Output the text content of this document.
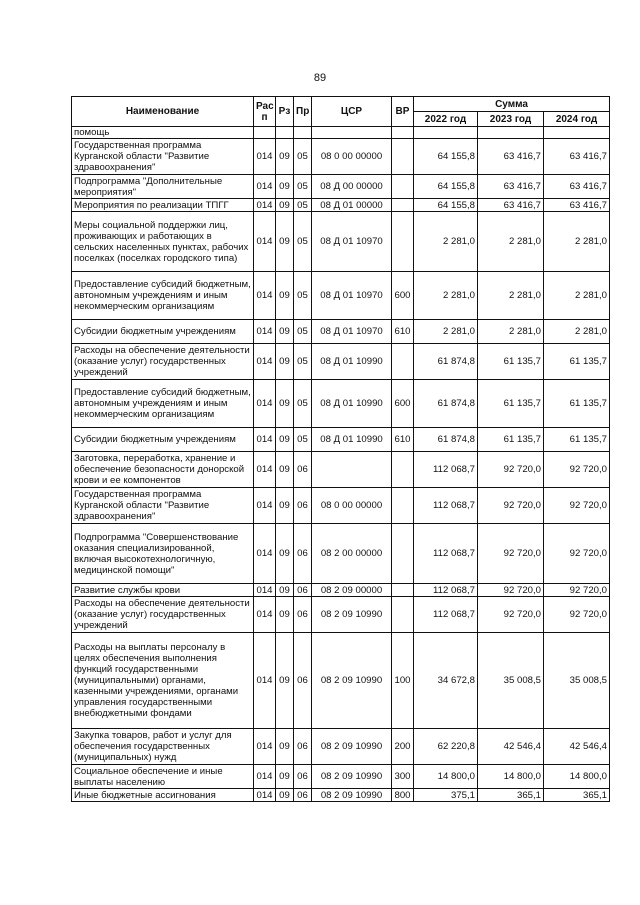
89
Наименование	Рас п	Рз	Пр	ЦСР	ВР	Сумма		
						2022 год	2023 год	2024 год
помощь								
Государственная программа Курганской области "Развитие здравоохранения"	014	09	05	08 0 00 00000		64 155,8	63 416,7	63 416,7
Подпрограмма "Дополнительные мероприятия"	014	09	05	08 Д 00 00000		64 155,8	63 416,7	63 416,7
Мероприятия по реализации ТПГГ	014	09	05	08 Д 01 00000		64 155,8	63 416,7	63 416,7
Меры социальной поддержки лиц, проживающих и работающих в сельских населенных пунктах, рабочих поселках (поселках городского типа)	014	09	05	08 Д 01 10970		2 281,0	2 281,0	2 281,0
Предоставление субсидий бюджетным, автономным учреждениям и иным некоммерческим организациям	014	09	05	08 Д 01 10970	600	2 281,0	2 281,0	2 281,0
Субсидии бюджетным учреждениям	014	09	05	08 Д 01 10970	610	2 281,0	2 281,0	2 281,0
Расходы на обеспечение деятельности (оказание услуг) государственных учреждений	014	09	05	08 Д 01 10990		61 874,8	61 135,7	61 135,7
Предоставление субсидий бюджетным, автономным учреждениям и иным некоммерческим организациям	014	09	05	08 Д 01 10990	600	61 874,8	61 135,7	61 135,7
Субсидии бюджетным учреждениям	014	09	05	08 Д 01 10990	610	61 874,8	61 135,7	61 135,7
Заготовка, переработка, хранение и обеспечение безопасности донорской крови и ее компонентов	014	09	06			112 068,7	92 720,0	92 720,0
Государственная программа Курганской области "Развитие здравоохранения"	014	09	06	08 0 00 00000		112 068,7	92 720,0	92 720,0
Подпрограмма "Совершенствование оказания специализированной, включая высокотехнологичную, медицинской помощи"	014	09	06	08 2 00 00000		112 068,7	92 720,0	92 720,0
Развитие службы крови	014	09	06	08 2 09 00000		112 068,7	92 720,0	92 720,0
Расходы на обеспечение деятельности (оказание услуг) государственных учреждений	014	09	06	08 2 09 10990		112 068,7	92 720,0	92 720,0
Расходы на выплаты персоналу в целях обеспечения выполнения функций государственными (муниципальными) органами, казенными учреждениями, органами управления государственными внебюджетными фондами	014	09	06	08 2 09 10990	100	34 672,8	35 008,5	35 008,5
Закупка товаров, работ и услуг для обеспечения государственных (муниципальных) нужд	014	09	06	08 2 09 10990	200	62 220,8	42 546,4	42 546,4
Социальное обеспечение и иные выплаты населению	014	09	06	08 2 09 10990	300	14 800,0	14 800,0	14 800,0
Иные бюджетные ассигнования	014	09	06	08 2 09 10990	800	375,1	365,1	365,1
